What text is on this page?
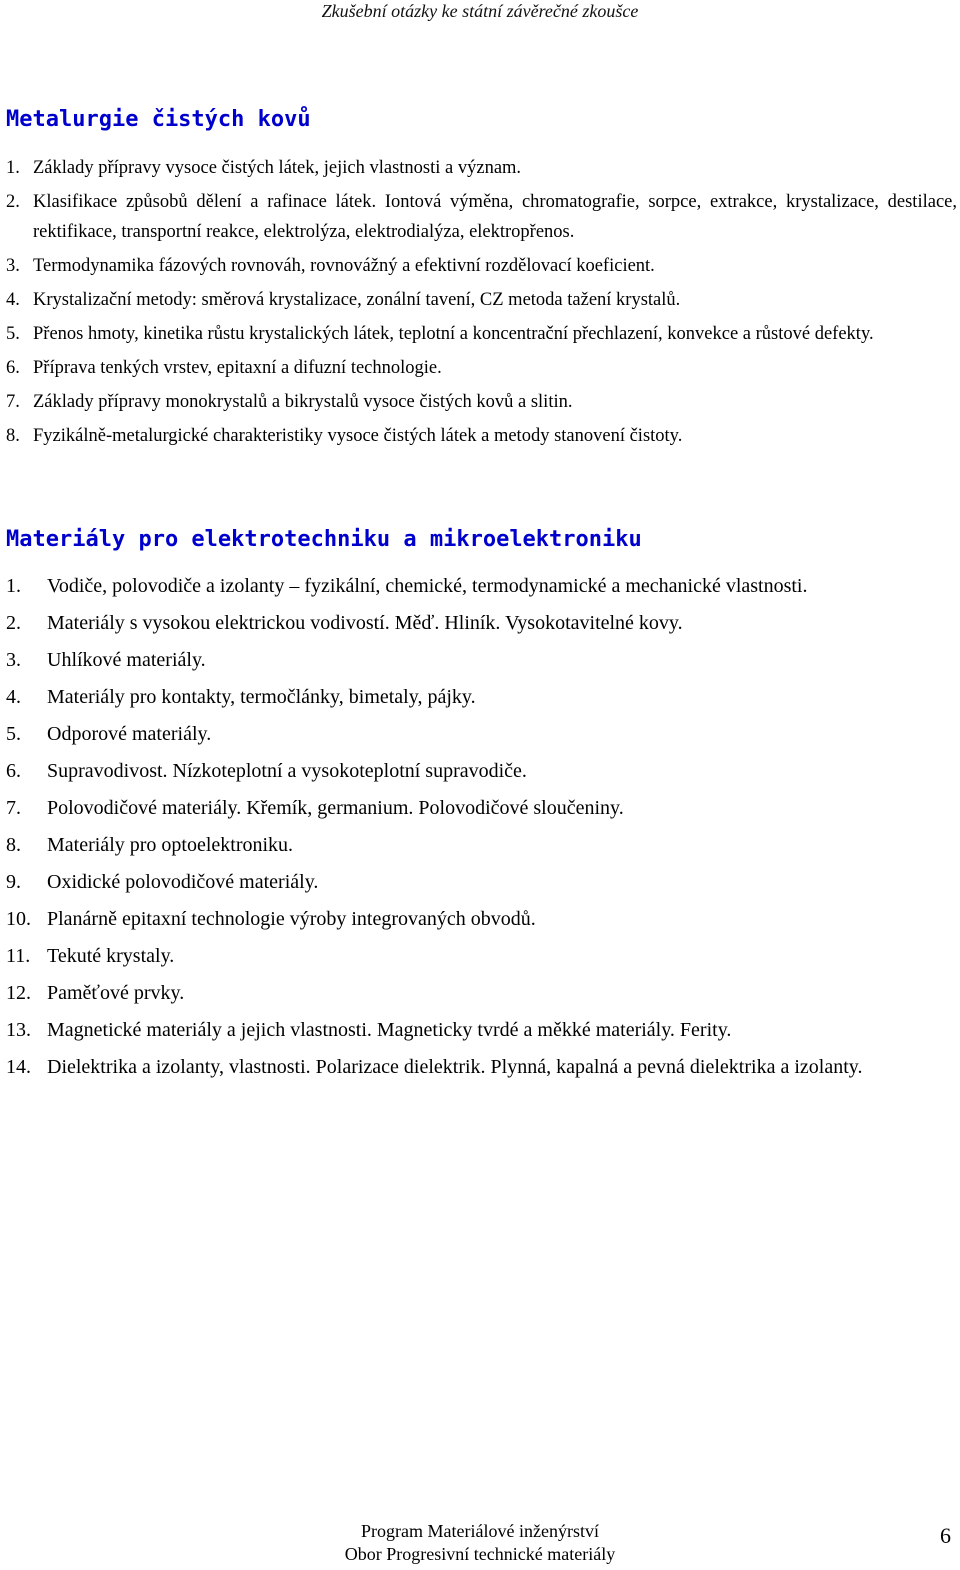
Zkušební otázky ke státní závěrečné zkoušce
Metalurgie čistých kovů
1. Základy přípravy vysoce čistých látek, jejich vlastnosti a význam.
2. Klasifikace způsobů dělení a rafinace látek. Iontová výměna, chromatografie, sorpce, extrakce, krystalizace, destilace, rektifikace, transportní reakce, elektrolýza, elektrodialýza, elektropřenos.
3. Termodynamika fázových rovnováh, rovnovážný a efektivní rozdělovací koeficient.
4. Krystalizační metody: směrová krystalizace, zonální tavení, CZ metoda tažení krystalů.
5. Přenos hmoty, kinetika růstu krystalických látek, teplotní a koncentrační přechlazení, konvekce a růstové defekty.
6. Příprava tenkých vrstev, epitaxní a difuzní technologie.
7. Základy přípravy monokrystalů a bikrystalů vysoce čistých kovů a slitin.
8. Fyzikálně-metalurgické charakteristiky vysoce čistých látek a metody stanovení čistoty.
Materiály pro elektrotechniku a mikroelektroniku
1.	Vodiče, polovodiče a izolanty – fyzikální, chemické, termodynamické a mechanické vlastnosti.
2.	Materiály s vysokou elektrickou vodivostí. Měď. Hliník. Vysokotavitelné kovy.
3.	Uhlíkové materiály.
4.	Materiály pro kontakty, termočlánky, bimetaly, pájky.
5.	Odporové materiály.
6.	Supravodivost. Nízkoteplotní a vysokoteplotní supravodiče.
7.	Polovodičové materiály. Křemík, germanium. Polovodičové sloučeniny.
8.	Materiály pro optoelektroniku.
9.	Oxidické polovodičové materiály.
10. Planárně epitaxní technologie výroby integrovaných obvodů.
11. Tekuté krystaly.
12. Paměťové prvky.
13. Magnetické materiály a jejich vlastnosti. Magneticky tvrdé a měkké materiály. Ferity.
14. Dielektrika a izolanty, vlastnosti. Polarizace dielektrik. Plynná, kapalná a pevná dielektrika a izolanty.
Program Materiálové inženýrství
Obor Progresivní technické materiály
6
